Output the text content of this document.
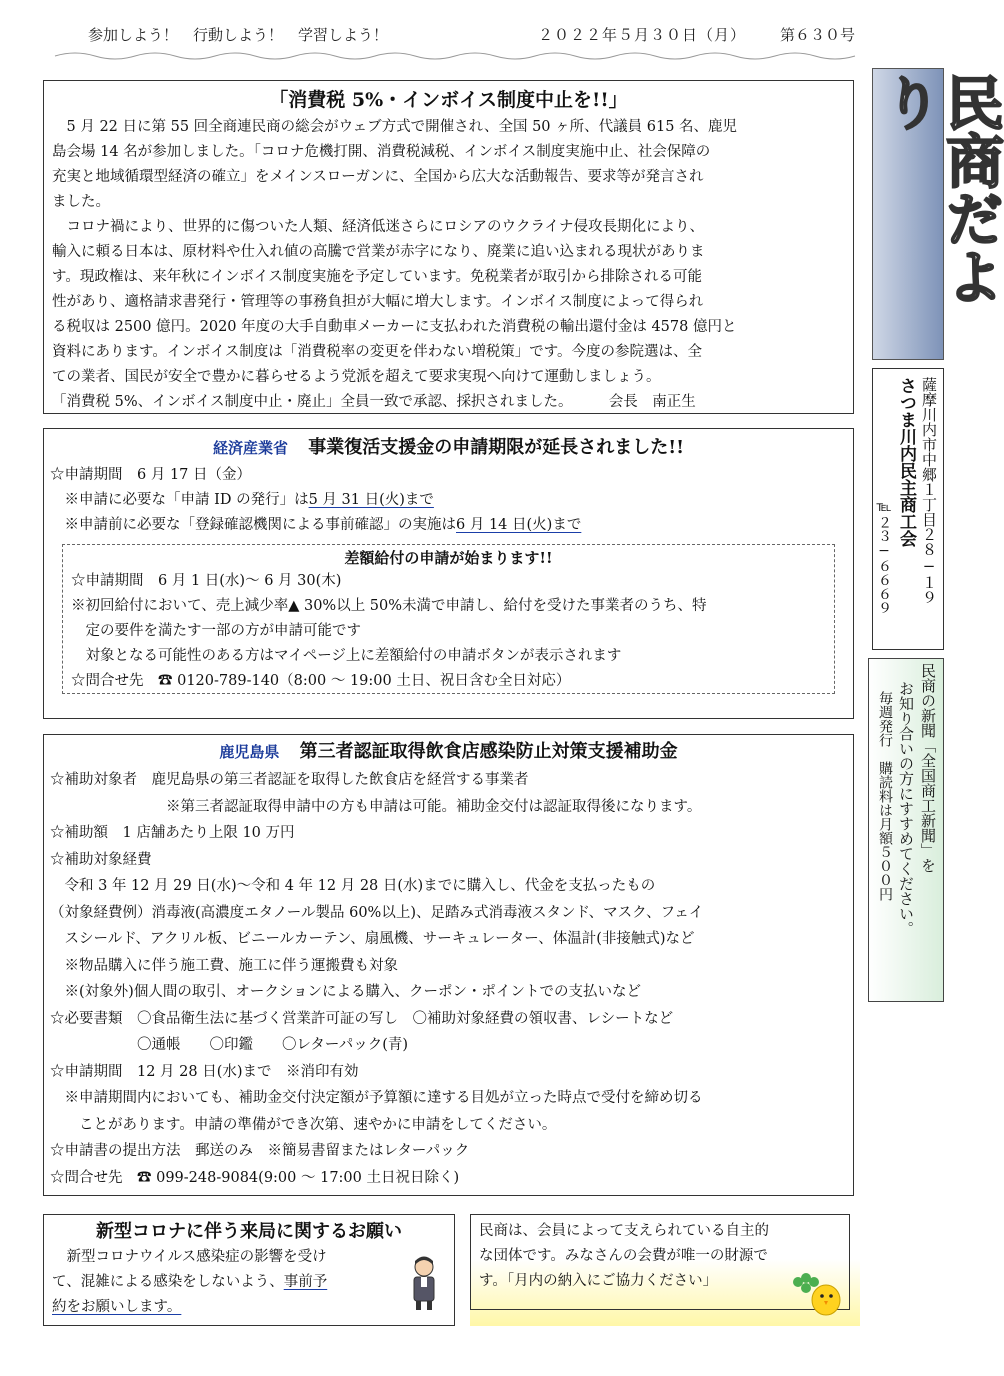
参加しよう！　行動しよう！　学習しよう！	２０２２年５月３０日（月） 第６３０号
民商だより
薩摩川内市中郷１丁目２８−１９
さつま川内民主商工会
℡２３−６６６９
民商の新聞「全国商工新聞」を
お知り合いの方にすすめてください。
毎週発行　購読料は月額５００円
「消費税 5%・インボイス制度中止を!!」
　5 月 22 日に第 55 回全商連民商の総会がウェブ方式で開催され、全国 50 ヶ所、代議員 615 名、鹿児
島会場 14 名が参加しました。「コロナ危機打開、消費税減税、インボイス制度実施中止、社会保障の
充実と地域循環型経済の確立」をメインスローガンに、全国から広大な活動報告、要求等が発言され
ました。
　コロナ禍により、世界的に傷ついた人類、経済低迷さらにロシアのウクライナ侵攻長期化により、
輸入に頼る日本は、原材料や仕入れ値の高騰で営業が赤字になり、廃業に追い込まれる現状がありま
す。現政権は、来年秋にインボイス制度実施を予定しています。免税業者が取引から排除される可能
性があり、適格請求書発行・管理等の事務負担が大幅に増大します。インボイス制度によって得られ
る税収は 2500 億円。2020 年度の大手自動車メーカーに支払われた消費税の輸出還付金は 4578 億円と
資料にあります。インボイス制度は「消費税率の変更を伴わない増税策」です。今度の参院選は、全
ての業者、国民が安全で豊かに暮らせるよう党派を超えて要求実現へ向けて運動しましょう。
「消費税 5%、インボイス制度中止・廃止」全員一致で承認、採択されました。　　　会長　南正生
経済産業省 事業復活支援金の申請期限が延長されました!!
☆申請期間　6 月 17 日（金）
　※申請に必要な「申請 ID の発行」は5 月 31 日(火)まで
　※申請前に必要な「登録確認機関による事前確認」の実施は6 月 14 日(火)まで
差額給付の申請が始まります!!
☆申請期間　6 月 1 日(水)～ 6 月 30(木)
※初回給付において、売上減少率▲ 30%以上 50%未満で申請し、給付を受けた事業者のうち、特
　定の要件を満たす一部の方が申請可能です
　対象となる可能性のある方はマイページ上に差額給付の申請ボタンが表示されます
☆問合せ先　☎ 0120-789-140（8:00 ～ 19:00 土日、祝日含む全日対応）
鹿児島県 第三者認証取得飲食店感染防止対策支援補助金
☆補助対象者　鹿児島県の第三者認証を取得した飲食店を経営する事業者
　　　　　　　　※第三者認証取得申請中の方も申請は可能。補助金交付は認証取得後になります。
☆補助額　1 店舗あたり上限 10 万円
☆補助対象経費
　令和 3 年 12 月 29 日(水)～令和 4 年 12 月 28 日(水)までに購入し、代金を支払ったもの
（対象経費例）消毒液(高濃度エタノール製品 60%以上)、足踏み式消毒液スタンド、マスク、フェイ
　スシールド、アクリル板、ビニールカーテン、扇風機、サーキュレーター、体温計(非接触式)など
　※物品購入に伴う施工費、施工に伴う運搬費も対象
　※(対象外)個人間の取引、オークションによる購入、クーポン・ポイントでの支払いなど
☆必要書類　〇食品衛生法に基づく営業許可証の写し　〇補助対象経費の領収書、レシートなど
　　　　　　〇通帳　　〇印鑑　　〇レターパック(青)
☆申請期間　12 月 28 日(水)まで　※消印有効
　※申請期間内においても、補助金交付決定額が予算額に達する目処が立った時点で受付を締め切る
　　ことがあります。申請の準備ができ次第、速やかに申請をしてください。
☆申請書の提出方法　郵送のみ　※簡易書留またはレターパック
☆問合せ先　☎ 099-248-9084(9:00 ～ 17:00 土日祝日除く)
新型コロナに伴う来局に関するお願い
　新型コロナウイルス感染症の影響を受け
て、混雑による感染をしないよう、事前予
約をお願いします。
民商は、会員によって支えられている自主的
な団体です。みなさんの会費が唯一の財源で
す。「月内の納入にご協力ください」
